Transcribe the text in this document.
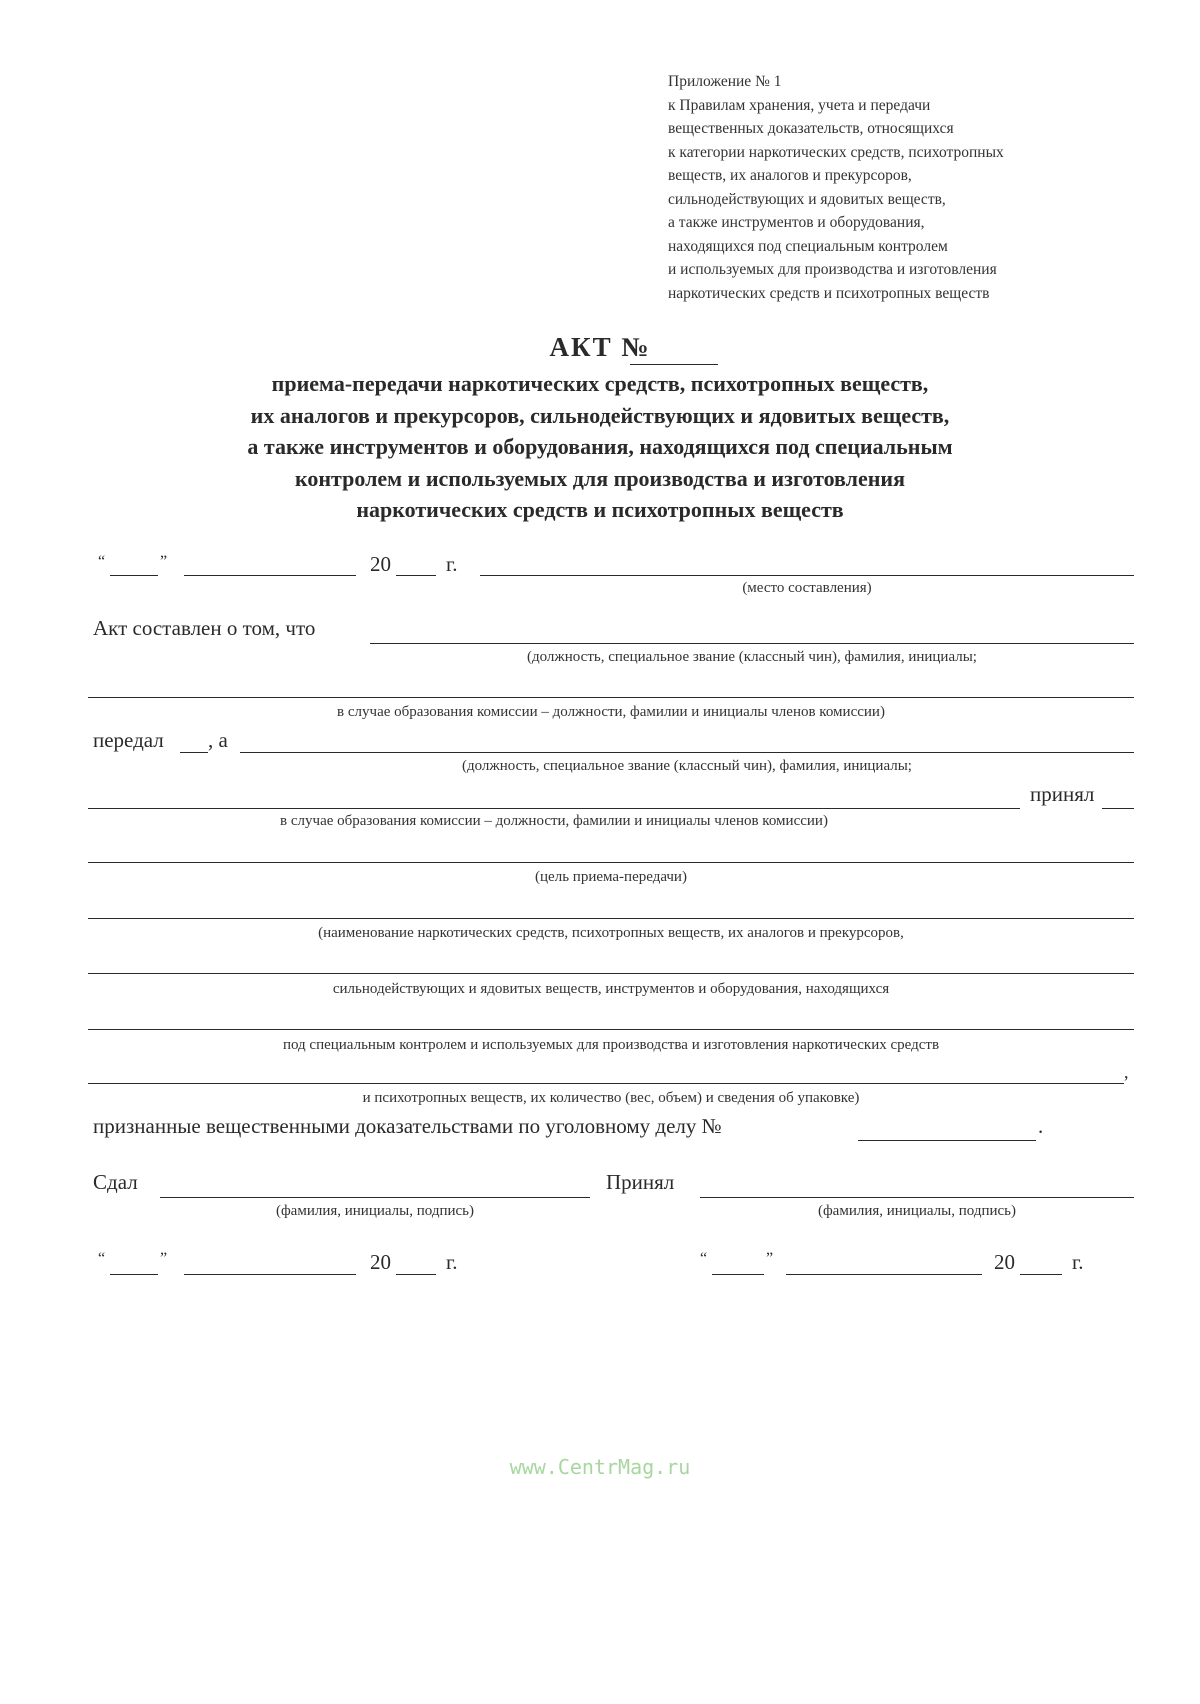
Приложение № 1
к Правилам хранения, учета и передачи
вещественных доказательств, относящихся
к категории наркотических средств, психотропных
веществ, их аналогов и прекурсоров,
сильнодействующих и ядовитых веществ,
а также инструментов и оборудования,
находящихся под специальным контролем
и используемых для производства и изготовления
наркотических средств и психотропных веществ
АКТ №
приема-передачи наркотических средств, психотропных веществ,
их аналогов и прекурсоров, сильнодействующих и ядовитых веществ,
а также инструментов и оборудования, находящихся под специальным
контролем и используемых для производства и изготовления
наркотических средств и психотропных веществ
“	”	20	г.
(место составления)
Акт составлен о том, что
(должность, специальное звание (классный чин), фамилия, инициалы;
в случае образования комиссии – должности, фамилии и инициалы членов комиссии)
передал , а
(должность, специальное звание (классный чин), фамилия, инициалы;
принял
в случае образования комиссии – должности, фамилии и инициалы членов комиссии)
(цель приема-передачи)
(наименование наркотических средств, психотропных веществ, их аналогов и прекурсоров,
сильнодействующих и ядовитых веществ, инструментов и оборудования, находящихся
под специальным контролем и используемых для производства и изготовления наркотических средств
,
и психотропных веществ, их количество (вес, объем) и сведения об упаковке)
признанные вещественными доказательствами по уголовному делу №	.
Сдал
(фамилия, инициалы, подпись)
Принял
(фамилия, инициалы, подпись)
“	”	20	г.	“	”	20	г.
www.CentrMag.ru
